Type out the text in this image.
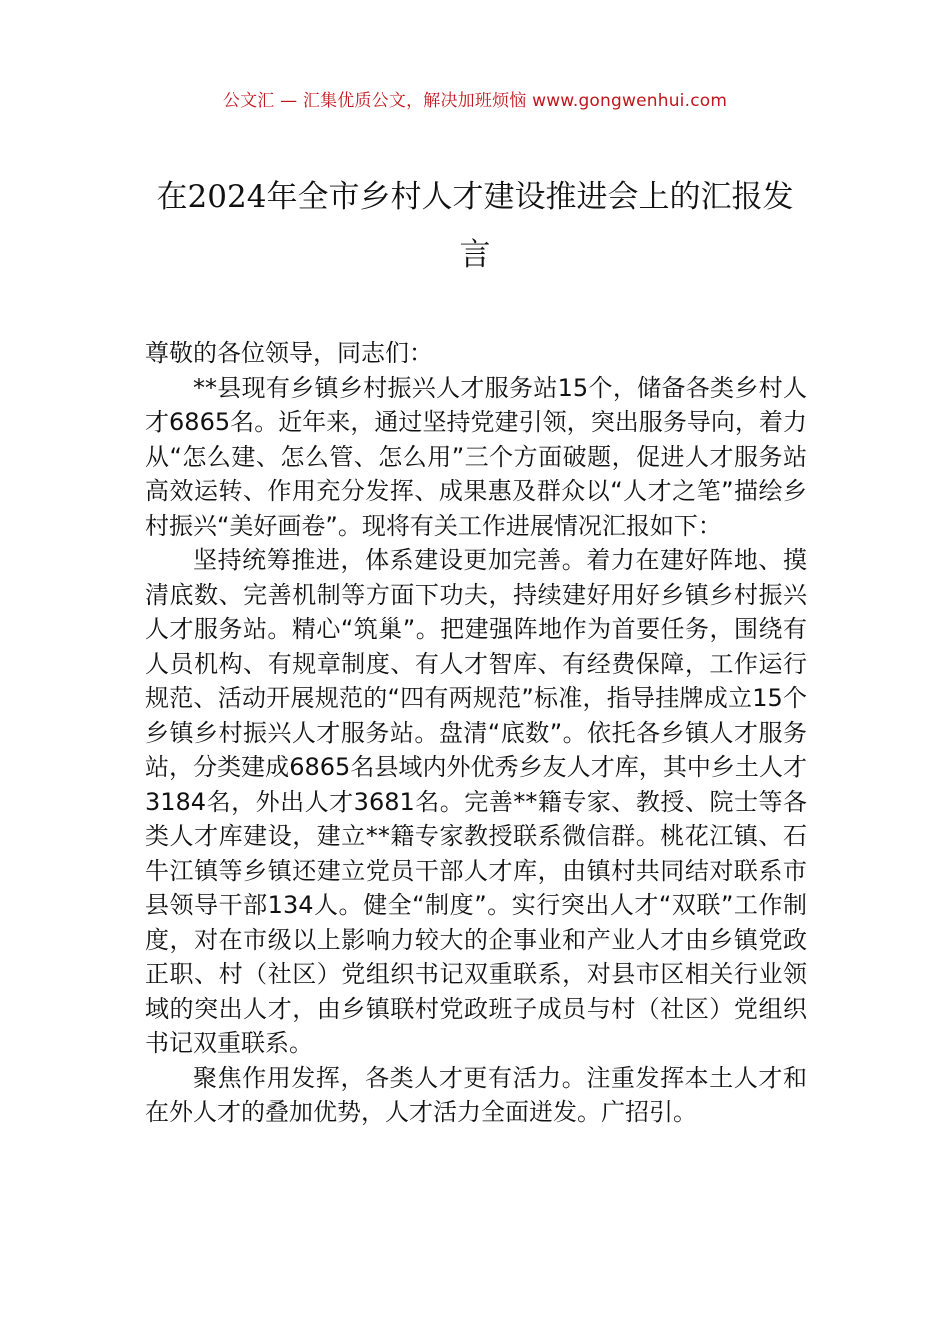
公文汇 — 汇集优质公文，解决加班烦恼 www.gongwenhui.com
在2024年全市乡村人才建设推进会上的汇报发言

尊敬的各位领导，同志们：

**县现有乡镇乡村振兴人才服务站15个，储备各类乡村人才6865名。近年来，通过坚持党建引领，突出服务导向，着力从“怎么建、怎么管、怎么用”三个方面破题，促进人才服务站高效运转、作用充分发挥、成果惠及群众以“人才之笔”描绘乡村振兴“美好画卷”。现将有关工作进展情况汇报如下：

坚持统筹推进，体系建设更加完善。着力在建好阵地、摸清底数、完善机制等方面下功夫，持续建好用好乡镇乡村振兴人才服务站。精心“筑巢”。把建强阵地作为首要任务，围绕有人员机构、有规章制度、有人才智库、有经费保障，工作运行规范、活动开展规范的“四有两规范”标准，指导挂牌成立15个乡镇乡村振兴人才服务站。盘清“底数”。依托各乡镇人才服务站，分类建成6865名县域内外优秀乡友人才库，其中乡土人才3184名，外出人才3681名。完善**籍专家、教授、院士等各类人才库建设，建立**籍专家教授联系微信群。桃花江镇、石牛江镇等乡镇还建立党员干部人才库，由镇村共同结对联系市县领导干部134人。健全“制度”。实行突出人才“双联”工作制度，对在市级以上影响力较大的企事业和产业人才由乡镇党政正职、村（社区）党组织书记双重联系，对县市区相关行业领域的突出人才，由乡镇联村党政班子成员与村（社区）党组织书记双重联系。

聚焦作用发挥，各类人才更有活力。注重发挥本土人才和在外人才的叠加优势，人才活力全面迸发。广招引。
